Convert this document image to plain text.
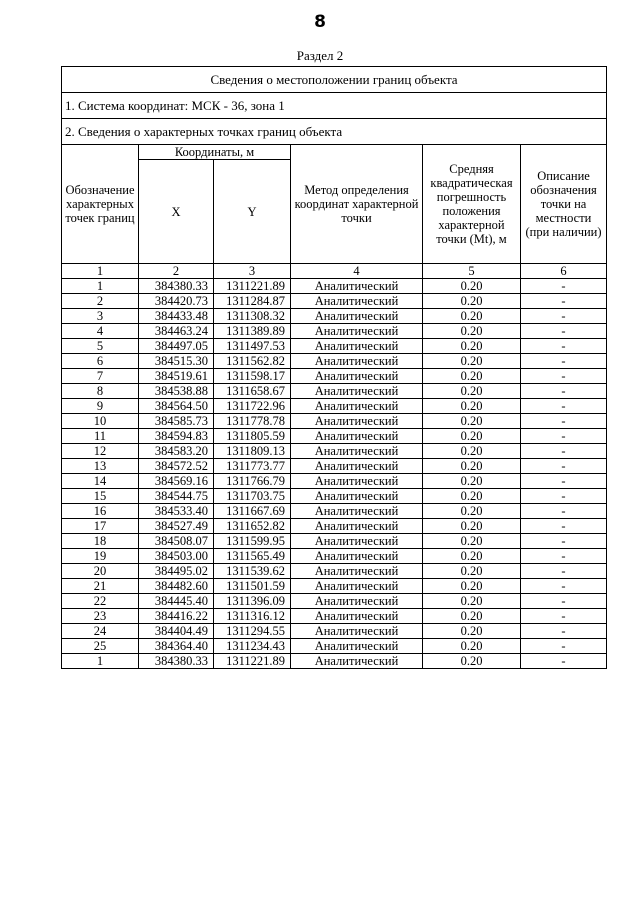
8
Раздел 2
Сведения о местоположении границ объекта					
1. Система координат: МСК - 36, зона 1					
2. Сведения о характерных точках границ объекта					
Обозначение характерных точек границ	Координаты, м		Метод определения координат характерной точки	Средняя квадратическая погрешность положения характерной точки (Mt), м	Описание обозначения точки на местности (при наличии)
	X	Y			
1	2	3	4	5	6
1	384380.33	1311221.89	Аналитический	0.20	-
2	384420.73	1311284.87	Аналитический	0.20	-
3	384433.48	1311308.32	Аналитический	0.20	-
4	384463.24	1311389.89	Аналитический	0.20	-
5	384497.05	1311497.53	Аналитический	0.20	-
6	384515.30	1311562.82	Аналитический	0.20	-
7	384519.61	1311598.17	Аналитический	0.20	-
8	384538.88	1311658.67	Аналитический	0.20	-
9	384564.50	1311722.96	Аналитический	0.20	-
10	384585.73	1311778.78	Аналитический	0.20	-
11	384594.83	1311805.59	Аналитический	0.20	-
12	384583.20	1311809.13	Аналитический	0.20	-
13	384572.52	1311773.77	Аналитический	0.20	-
14	384569.16	1311766.79	Аналитический	0.20	-
15	384544.75	1311703.75	Аналитический	0.20	-
16	384533.40	1311667.69	Аналитический	0.20	-
17	384527.49	1311652.82	Аналитический	0.20	-
18	384508.07	1311599.95	Аналитический	0.20	-
19	384503.00	1311565.49	Аналитический	0.20	-
20	384495.02	1311539.62	Аналитический	0.20	-
21	384482.60	1311501.59	Аналитический	0.20	-
22	384445.40	1311396.09	Аналитический	0.20	-
23	384416.22	1311316.12	Аналитический	0.20	-
24	384404.49	1311294.55	Аналитический	0.20	-
25	384364.40	1311234.43	Аналитический	0.20	-
1	384380.33	1311221.89	Аналитический	0.20	-
